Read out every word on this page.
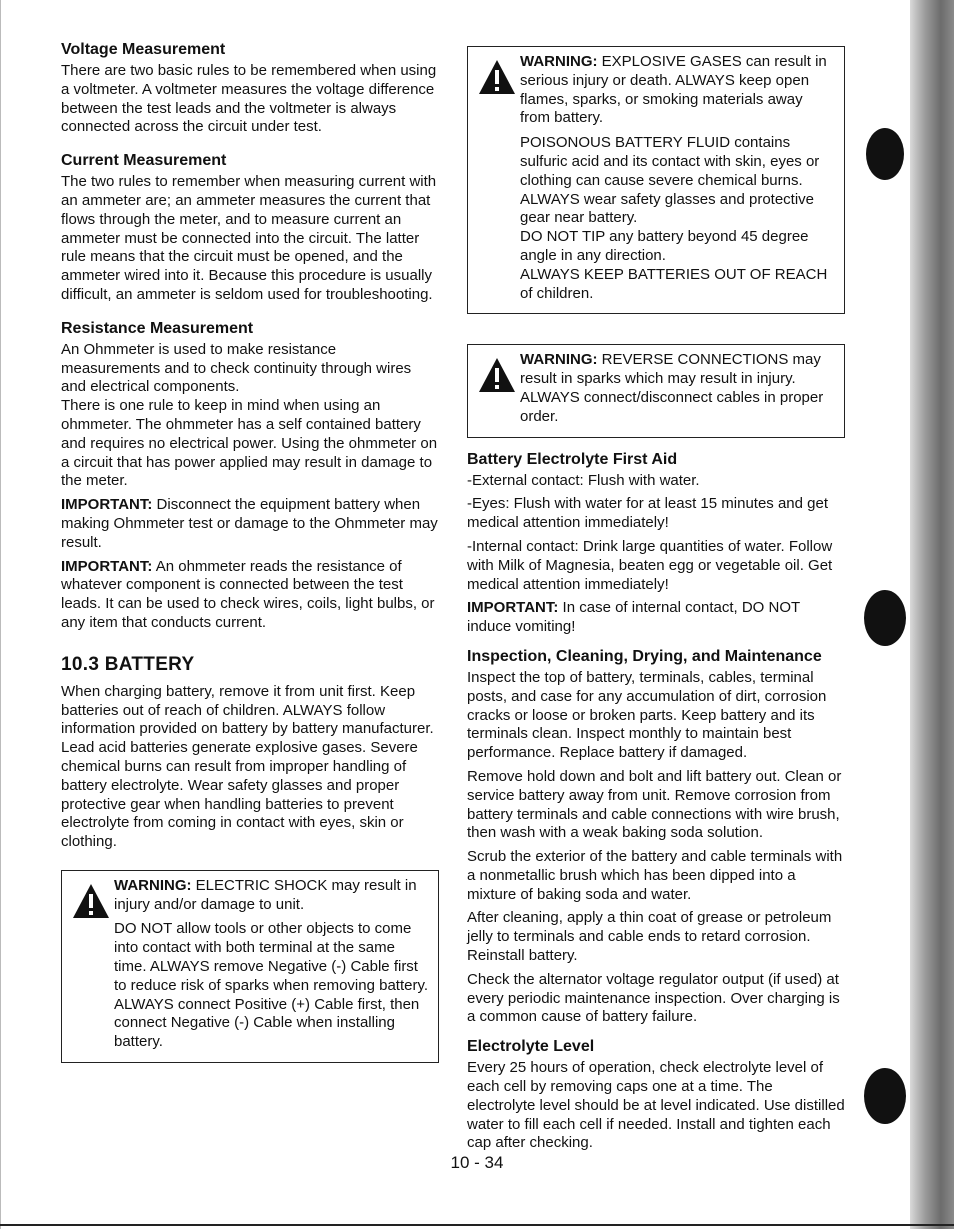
Voltage Measurement

There are two basic rules to be remembered when using a voltmeter. A voltmeter measures the voltage difference between the test leads and the voltmeter is always connected across the circuit under test.

Current Measurement

The two rules to remember when measuring current with an ammeter are; an ammeter measures the current that flows through the meter, and to measure current an ammeter must be connected into the circuit. The latter rule means that the circuit must be opened, and the ammeter wired into it. Because this procedure is usually difficult, an ammeter is seldom used for troubleshooting.

Resistance Measurement

An Ohmmeter is used to make resistance measurements and to check continuity through wires and electrical components.

There is one rule to keep in mind when using an ohmmeter. The ohmmeter has a self contained battery and requires no electrical power. Using the ohmmeter on a circuit that has power applied may result in damage to the meter.

IMPORTANT: Disconnect the equipment battery when making Ohmmeter test or damage to the Ohmmeter may result.

IMPORTANT: An ohmmeter reads the resistance of whatever component is connected between the test leads. It can be used to check wires, coils, light bulbs, or any item that conducts current.

10.3 BATTERY

When charging battery, remove it from unit first. Keep batteries out of reach of children. ALWAYS follow information provided on battery by battery manufacturer. Lead acid batteries generate explosive gases. Severe chemical burns can result from improper handling of battery electrolyte. Wear safety glasses and proper protective gear when handling batteries to prevent electrolyte from coming in contact with eyes, skin or clothing.

WARNING: ELECTRIC SHOCK may result in injury and/or damage to unit.

DO NOT allow tools or other objects to come into contact with both terminal at the same time. ALWAYS remove Negative (-) Cable first to reduce risk of sparks when removing battery. ALWAYS connect Positive (+) Cable first, then connect Negative (-) Cable when installing battery.

WARNING: EXPLOSIVE GASES can result in serious injury or death. ALWAYS keep open flames, sparks, or smoking materials away from battery.

POISONOUS BATTERY FLUID contains sulfuric acid and its contact with skin, eyes or clothing can cause severe chemical burns. ALWAYS wear safety glasses and protective gear near battery.

DO NOT TIP any battery beyond 45 degree angle in any direction.

ALWAYS KEEP BATTERIES OUT OF REACH of children.

WARNING: REVERSE CONNECTIONS may result in sparks which may result in injury. ALWAYS connect/disconnect cables in proper order.

Battery Electrolyte First Aid

-External contact: Flush with water.

-Eyes: Flush with water for at least 15 minutes and get medical attention immediately!

-Internal contact: Drink large quantities of water. Follow with Milk of Magnesia, beaten egg or vegetable oil. Get medical attention immediately!

IMPORTANT: In case of internal contact, DO NOT induce vomiting!

Inspection, Cleaning, Drying, and Maintenance

Inspect the top of battery, terminals, cables, terminal posts, and case for any accumulation of dirt, corrosion cracks or loose or broken parts. Keep battery and its terminals clean. Inspect monthly to maintain best performance. Replace battery if damaged.

Remove hold down and bolt and lift battery out. Clean or service battery away from unit. Remove corrosion from battery terminals and cable connections with wire brush, then wash with a weak baking soda solution.

Scrub the exterior of the battery and cable terminals with a nonmetallic brush which has been dipped into a mixture of baking soda and water.

After cleaning, apply a thin coat of grease or petroleum jelly to terminals and cable ends to retard corrosion. Reinstall battery.

Check the alternator voltage regulator output (if used) at every periodic maintenance inspection. Over charging is a common cause of battery failure.

Electrolyte Level

Every 25 hours of operation, check electrolyte level of each cell by removing caps one at a time. The electrolyte level should be at level indicated. Use distilled water to fill each cell if needed. Install and tighten each cap after checking.

10 - 34
